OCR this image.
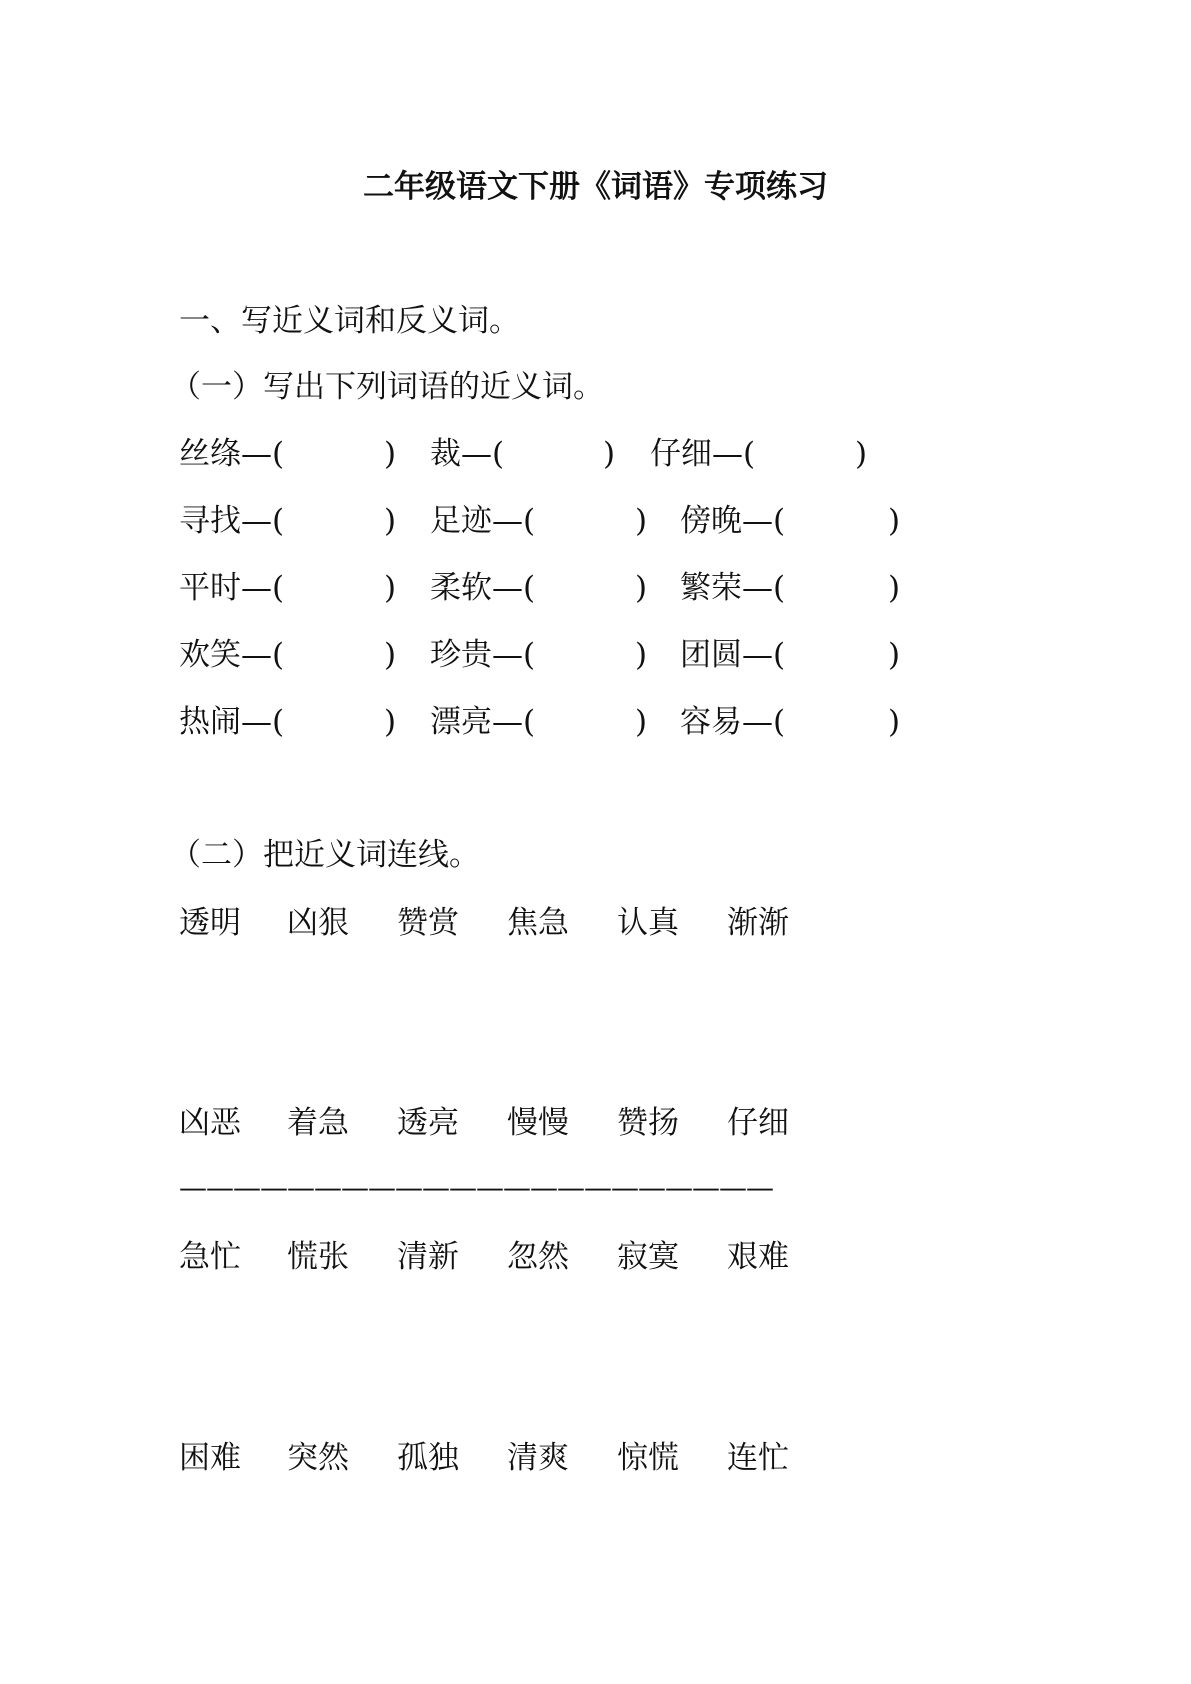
二年级语文下册《词语》专项练习
一、写近义词和反义词。
（一）写出下列词语的近义词。
丝绦—(	) 裁—(	) 仔细—(	)
寻找—(	) 足迹—(	) 傍晚—(	)
平时—(	) 柔软—(	) 繁荣—(	)
欢笑—(	) 珍贵—(	) 团圆—(	)
热闹—(	) 漂亮—(	) 容易—(	)
（二）把近义词连线。
透明 凶狠 赞赏 焦急 认真 渐渐
凶恶 着急 透亮 慢慢 赞扬 仔细
急忙 慌张 清新 忽然 寂寞 艰难
困难 突然 孤独 清爽 惊慌 连忙
——————————————————————
